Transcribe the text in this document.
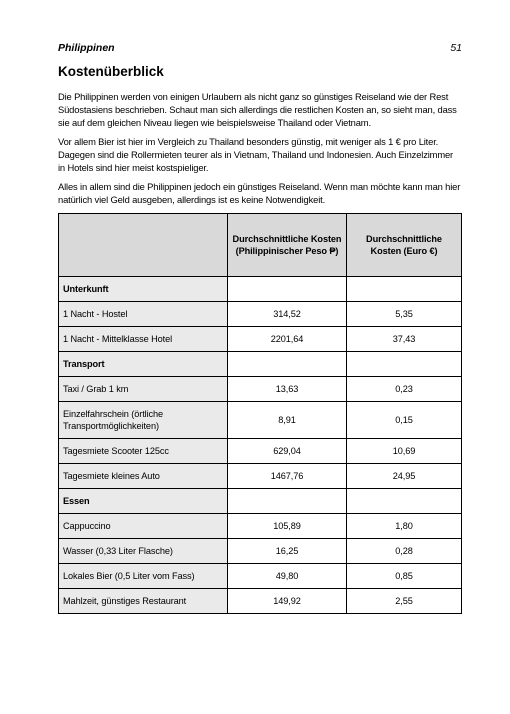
Philippinen	51
Kostenüberblick

Die Philippinen werden von einigen Urlaubern als nicht ganz so günstiges Reiseland wie der Rest Südostasiens beschrieben. Schaut man sich allerdings die restlichen Kosten an, so sieht man, dass sie auf dem gleichen Niveau liegen wie beispielsweise Thailand oder Vietnam.

Vor allem Bier ist hier im Vergleich zu Thailand besonders günstig, mit weniger als 1 € pro Liter. Dagegen sind die Rollermieten teurer als in Vietnam, Thailand und Indonesien. Auch Einzelzimmer in Hotels sind hier meist kostspieliger.

Alles in allem sind die Philippinen jedoch ein günstiges Reiseland. Wenn man möchte kann man hier natürlich viel Geld ausgeben, allerdings ist es keine Notwendigkeit.

	Durchschnittliche Kosten (Philippinischer Peso ₱)	Durchschnittliche Kosten (Euro €)
Unterkunft		
1 Nacht - Hostel	314,52	5,35
1 Nacht - Mittelklasse Hotel	2201,64	37,43
Transport		
Taxi / Grab 1 km	13,63	0,23
Einzelfahrschein (örtliche Transportmöglichkeiten)	8,91	0,15
Tagesmiete Scooter 125cc	629,04	10,69
Tagesmiete kleines Auto	1467,76	24,95
Essen		
Cappuccino	105,89	1,80
Wasser (0,33 Liter Flasche)	16,25	0,28
Lokales Bier (0,5 Liter vom Fass)	49,80	0,85
Mahlzeit, günstiges Restaurant	149,92	2,55
